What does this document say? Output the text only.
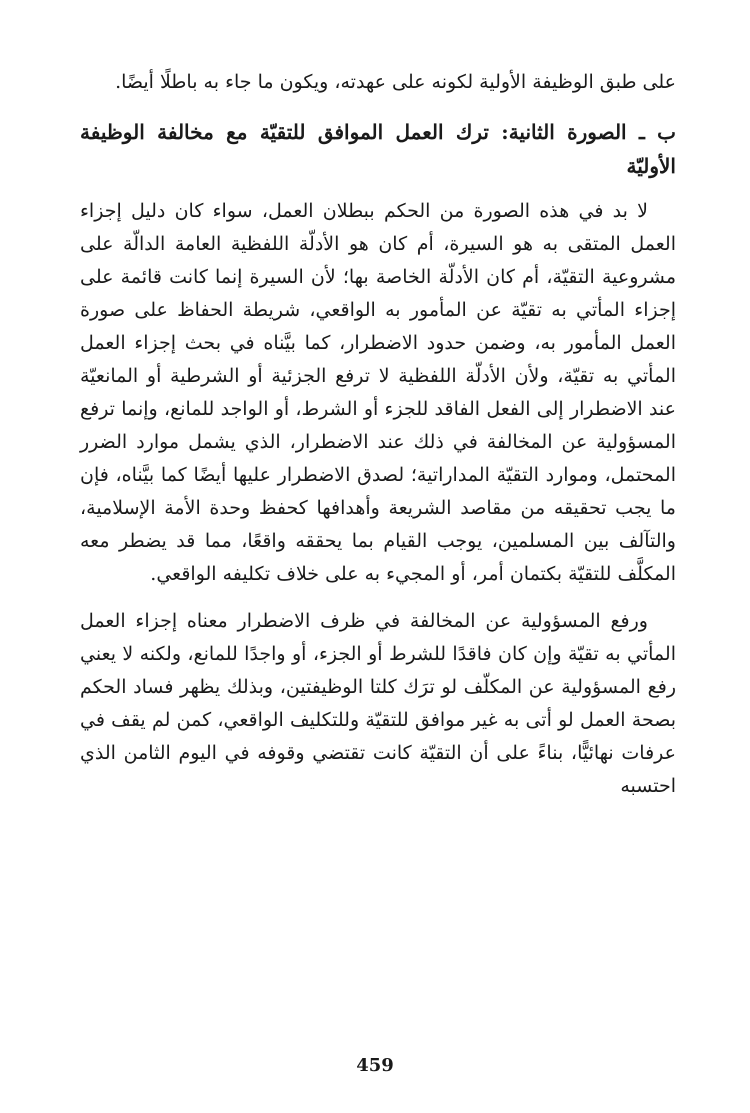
على طبق الوظيفة الأولية لكونه على عهدته، ويكون ما جاء به باطلًا أيضًا.

ب ـ الصورة الثانية: ترك العمل الموافق للتقيّة مع مخالفة الوظيفة الأوليّة

لا بد في هذه الصورة من الحكم ببطلان العمل، سواء كان دليل إجزاء العمل المتقى به هو السيرة، أم كان هو الأدلّة اللفظية العامة الدالّة على مشروعية التقيّة، أم كان الأدلّة الخاصة بها؛ لأن السيرة إنما كانت قائمة على إجزاء المأتي به تقيّة عن المأمور به الواقعي، شريطة الحفاظ على صورة العمل المأمور به، وضمن حدود الاضطرار، كما بيَّناه في بحث إجزاء العمل المأتي به تقيّة، ولأن الأدلّة اللفظية لا ترفع الجزئية أو الشرطية أو المانعيّة عند الاضطرار إلى الفعل الفاقد للجزء أو الشرط، أو الواجد للمانع، وإنما ترفع المسؤولية عن المخالفة في ذلك عند الاضطرار، الذي يشمل موارد الضرر المحتمل، وموارد التقيّة المداراتية؛ لصدق الاضطرار عليها أيضًا كما بيَّناه، فإن ما يجب تحقيقه من مقاصد الشريعة وأهدافها كحفظ وحدة الأمة الإسلامية، والتآلف بين المسلمين، يوجب القيام بما يحققه واقعًا، مما قد يضطر معه المكلَّف للتقيّة بكتمان أمر، أو المجيء به على خلاف تكليفه الواقعي.

ورفع المسؤولية عن المخالفة في ظرف الاضطرار معناه إجزاء العمل المأتي به تقيّة وإن كان فاقدًا للشرط أو الجزء، أو واجدًا للمانع، ولكنه لا يعني رفع المسؤولية عن المكلّف لو ترَك كلتا الوظيفتين، وبذلك يظهر فساد الحكم بصحة العمل لو أتى به غير موافق للتقيّة وللتكليف الواقعي، كمن لم يقف في عرفات نهائيًّا، بناءً على أن التقيّة كانت تقتضي وقوفه في اليوم الثامن الذي احتسبه

459
